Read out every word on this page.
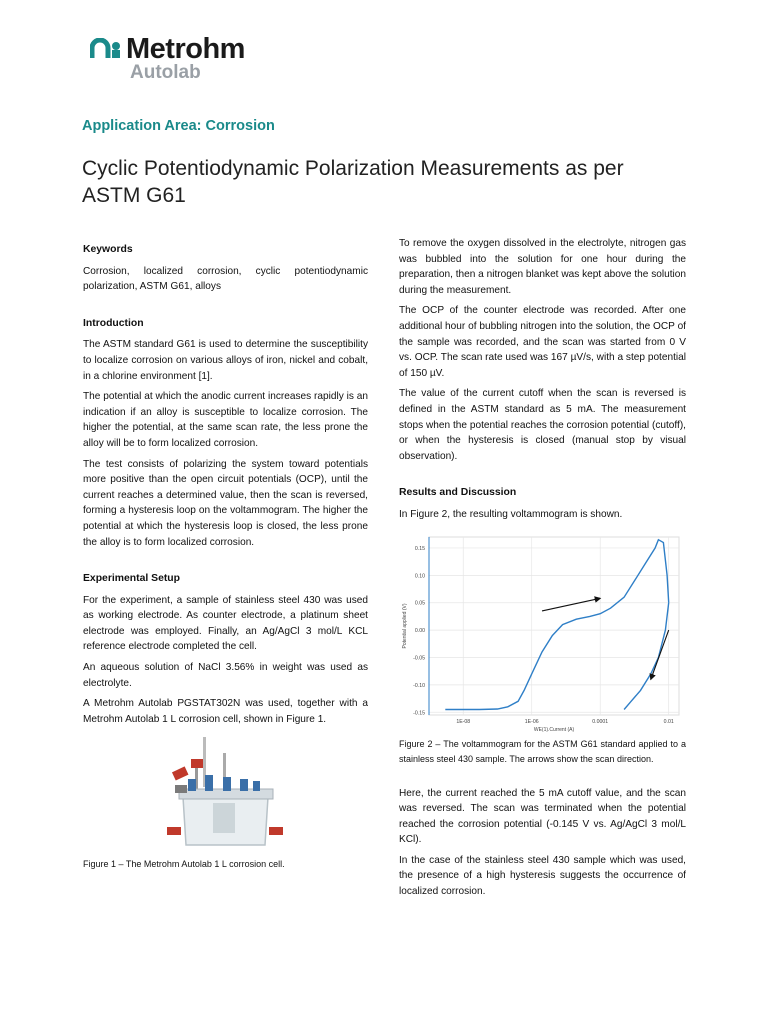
Metrohm
Autolab
Application Area: Corrosion
Cyclic Potentiodynamic Polarization Measurements as per ASTM G61
Keywords

Corrosion, localized corrosion, cyclic potentiodynamic polarization, ASTM G61, alloys

Introduction

The ASTM standard G61 is used to determine the susceptibility to localize corrosion on various alloys of iron, nickel and cobalt, in a chlorine environment [1].

The potential at which the anodic current increases rapidly is an indication if an alloy is susceptible to localize corrosion. The higher the potential, at the same scan rate, the less prone the alloy will be to form localized corrosion.

The test consists of polarizing the system toward potentials more positive than the open circuit potentials (OCP), until the current reaches a determined value, then the scan is reversed, forming a hysteresis loop on the voltammogram. The higher the potential at which the hysteresis loop is closed, the less prone the alloy is to form localized corrosion.

Experimental Setup

For the experiment, a sample of stainless steel 430 was used as working electrode. As counter electrode, a platinum sheet electrode was employed. Finally, an Ag/AgCl 3 mol/L KCL reference electrode completed the cell.

An aqueous solution of NaCl 3.56% in weight was used as electrolyte.

A Metrohm Autolab PGSTAT302N was used, together with a Metrohm Autolab 1 L corrosion cell, shown in Figure 1.

Figure 1 – The Metrohm Autolab 1 L corrosion cell.

To remove the oxygen dissolved in the electrolyte, nitrogen gas was bubbled into the solution for one hour during the preparation, then a nitrogen blanket was kept above the solution during the measurement.

The OCP of the counter electrode was recorded. After one additional hour of bubbling nitrogen into the solution, the OCP of the sample was recorded, and the scan was started from 0 V vs. OCP. The scan rate used was 167 µV/s, with a step potential of 150 µV.

The value of the current cutoff when the scan is reversed is defined in the ASTM standard as 5 mA. The measurement stops when the potential reaches the corrosion potential (cutoff), or when the hysteresis is closed (manual stop by visual observation).

Results and Discussion

In Figure 2, the resulting voltammogram is shown.

0.15
0.10
0.05
0.00
-0.05
-0.10
-0.15
1E-08	1E-06	0.0001	0.01
WE(1).Current (A)
Potential applied (V)

Figure 2 – The voltammogram for the ASTM G61 standard applied to a stainless steel 430 sample. The arrows show the scan direction.

Here, the current reached the 5 mA cutoff value, and the scan was reversed. The scan was terminated when the potential reached the corrosion potential (-0.145 V vs. Ag/AgCl 3 mol/L KCl).

In the case of the stainless steel 430 sample which was used, the presence of a high hysteresis suggests the occurrence of localized corrosion.
